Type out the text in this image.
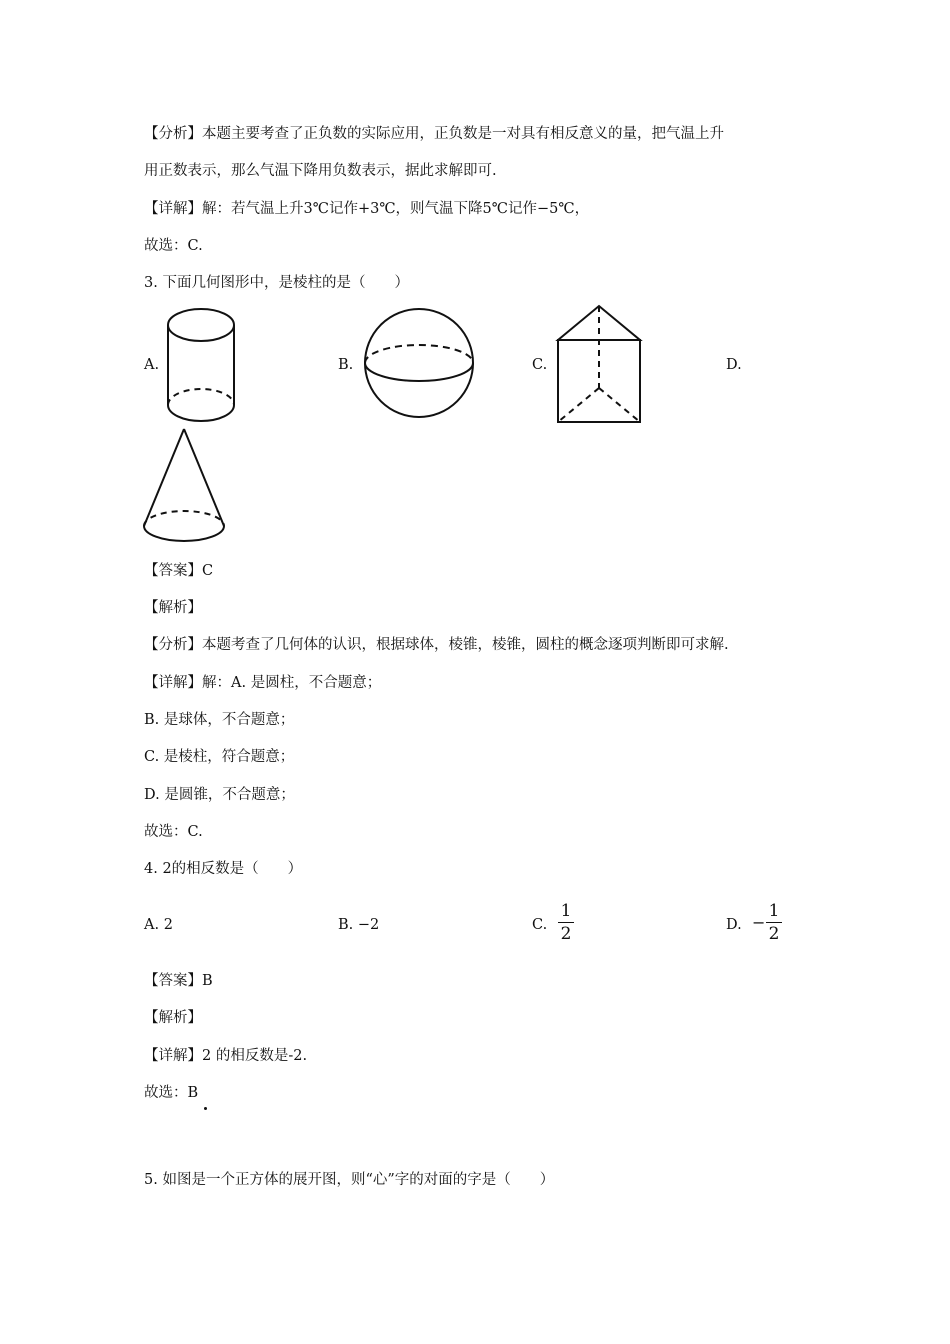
【分析】本题主要考查了正负数的实际应用，正负数是一对具有相反意义的量，把气温上升
用正数表示，那么气温下降用负数表示，据此求解即可.
【详解】解：若气温上升3℃记作+3℃，则气温下降5℃记作−5℃，
故选：C.
3. 下面几何图形中，是棱柱的是（　　）
A.	B.	C.	D.
【答案】C
【解析】
【分析】本题考查了几何体的认识，根据球体，棱锥，棱锥，圆柱的概念逐项判断即可求解.
【详解】解：A. 是圆柱，不合题意；
B. 是球体，不合题意；
C. 是棱柱，符合题意；
D. 是圆锥，不合题意；
故选：C.
4. 2的相反数是（　　）
A. 2	B. −2	C.
1
2	D. −
1
2
【答案】B
【解析】
【详解】2 的相反数是-2.
故选：B
5. 如图是一个正方体的展开图，则“心”字的对面的字是（　　）
